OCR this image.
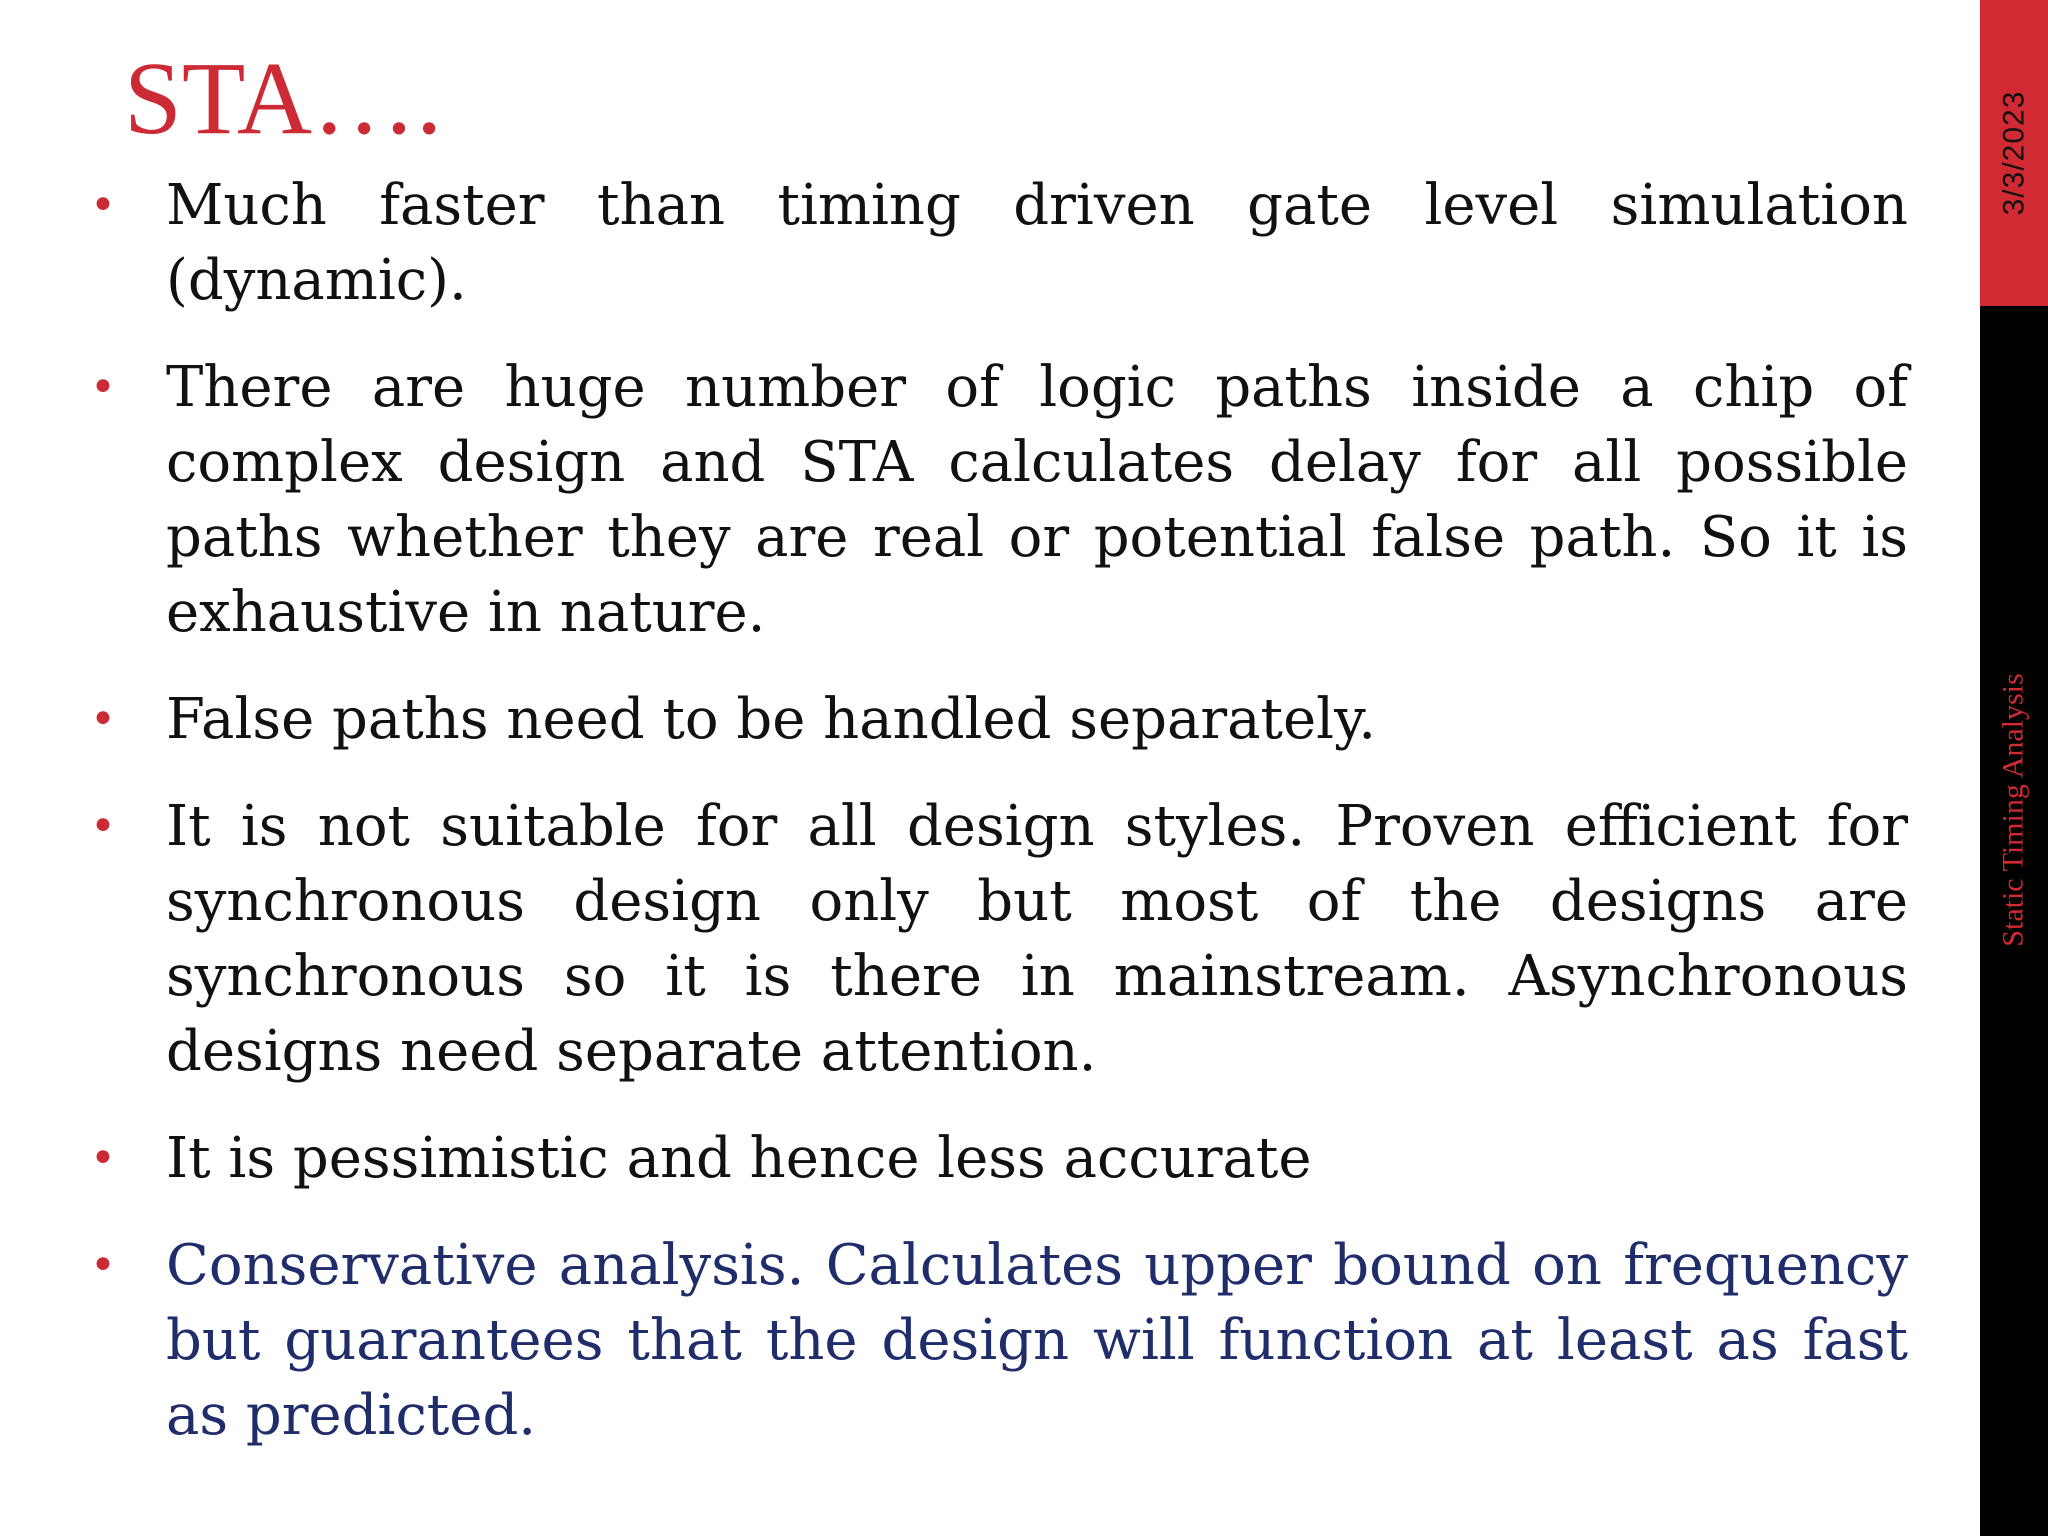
STA….
• Much faster than timing driven gate level simulation (dynamic).
• There are huge number of logic paths inside a chip of complex design and STA calculates delay for all possible paths whether they are real or potential false path. So it is exhaustive in nature.
• False paths need to be handled separately.
• It is not suitable for all design styles. Proven efficient for synchronous design only but most of the designs are synchronous so it is there in mainstream. Asynchronous designs need separate attention.
• It is pessimistic and hence less accurate
• Conservative analysis. Calculates upper bound on frequency but guarantees that the design will function at least as fast as predicted.
3/3/2023
Static Timing Analysis
